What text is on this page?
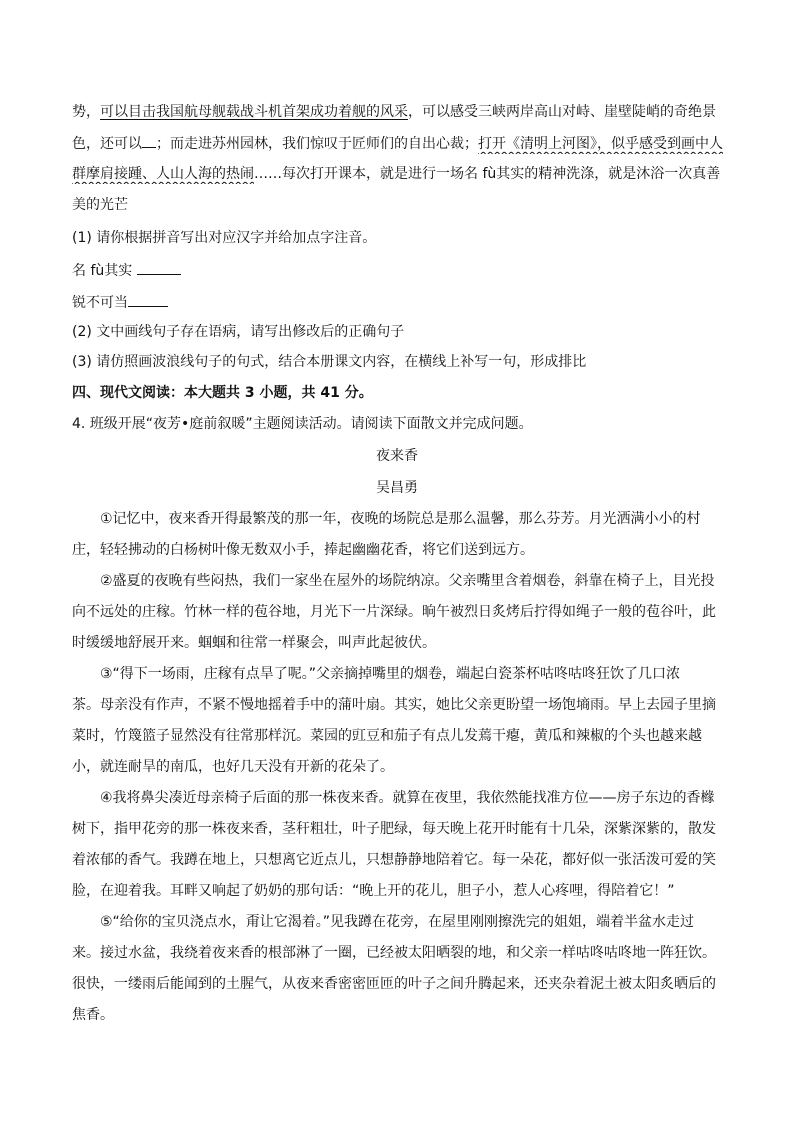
势，可以目击我国航母舰载战斗机首架成功着舰的风采，可以感受三峡两岸高山对峙、崖壁陡峭的奇绝景
色，还可以 ；而走进苏州园林，我们惊叹于匠师们的自出心裁；打开《清明上河图》，似乎感受到画中人
群摩肩接踵、人山人海的热闹……每次打开课本，就是进行一场名 fù其实的精神洗涤，就是沐浴一次真善
美的光芒
(1) 请你根据拼音写出对应汉字并给加点字注音。
名 fù其实
锐不可当
(2) 文中画线句子存在语病，请写出修改后的正确句子
(3) 请仿照画波浪线句子的句式，结合本册课文内容，在横线上补写一句，形成排比
四、现代文阅读：本大题共 3 小题，共 41 分。
4. 班级开展“夜芳•庭前叙暖”主题阅读活动。请阅读下面散文并完成问题。
夜来香
吴昌勇
①记忆中，夜来香开得最繁茂的那一年，夜晚的场院总是那么温馨，那么芬芳。月光洒满小小的村
庄，轻轻拂动的白杨树叶像无数双小手，捧起幽幽花香，将它们送到远方。
②盛夏的夜晚有些闷热，我们一家坐在屋外的场院纳凉。父亲嘴里含着烟卷，斜靠在椅子上，目光投
向不远处的庄稼。竹林一样的苞谷地，月光下一片深绿。晌午被烈日炙烤后拧得如绳子一般的苞谷叶，此
时缓缓地舒展开来。蝈蝈和往常一样聚会，叫声此起彼伏。
③“得下一场雨，庄稼有点旱了呢。”父亲摘掉嘴里的烟卷，端起白瓷茶杯咕咚咕咚狂饮了几口浓
茶。母亲没有作声，不紧不慢地摇着手中的蒲叶扇。其实，她比父亲更盼望一场饱墒雨。早上去园子里摘
菜时，竹篾篮子显然没有往常那样沉。菜园的豇豆和茄子有点儿发蔫干瘪，黄瓜和辣椒的个头也越来越
小，就连耐旱的南瓜，也好几天没有开新的花朵了。
④我将鼻尖凑近母亲椅子后面的那一株夜来香。就算在夜里，我依然能找准方位——房子东边的香橼
树下，指甲花旁的那一株夜来香，茎秆粗壮，叶子肥绿，每天晚上花开时能有十几朵，深紫深紫的，散发
着浓郁的香气。我蹲在地上，只想离它近点儿，只想静静地陪着它。每一朵花，都好似一张活泼可爱的笑
脸，在迎着我。耳畔又响起了奶奶的那句话：“晚上开的花儿，胆子小，惹人心疼哩，得陪着它！”
⑤“给你的宝贝浇点水，甭让它渴着。”见我蹲在花旁，在屋里刚刚擦洗完的姐姐，端着半盆水走过
来。接过水盆，我绕着夜来香的根部淋了一圈，已经被太阳晒裂的地，和父亲一样咕咚咕咚地一阵狂饮。
很快，一缕雨后能闻到的土腥气，从夜来香密密匝匝的叶子之间升腾起来，还夹杂着泥土被太阳炙晒后的
焦香。
